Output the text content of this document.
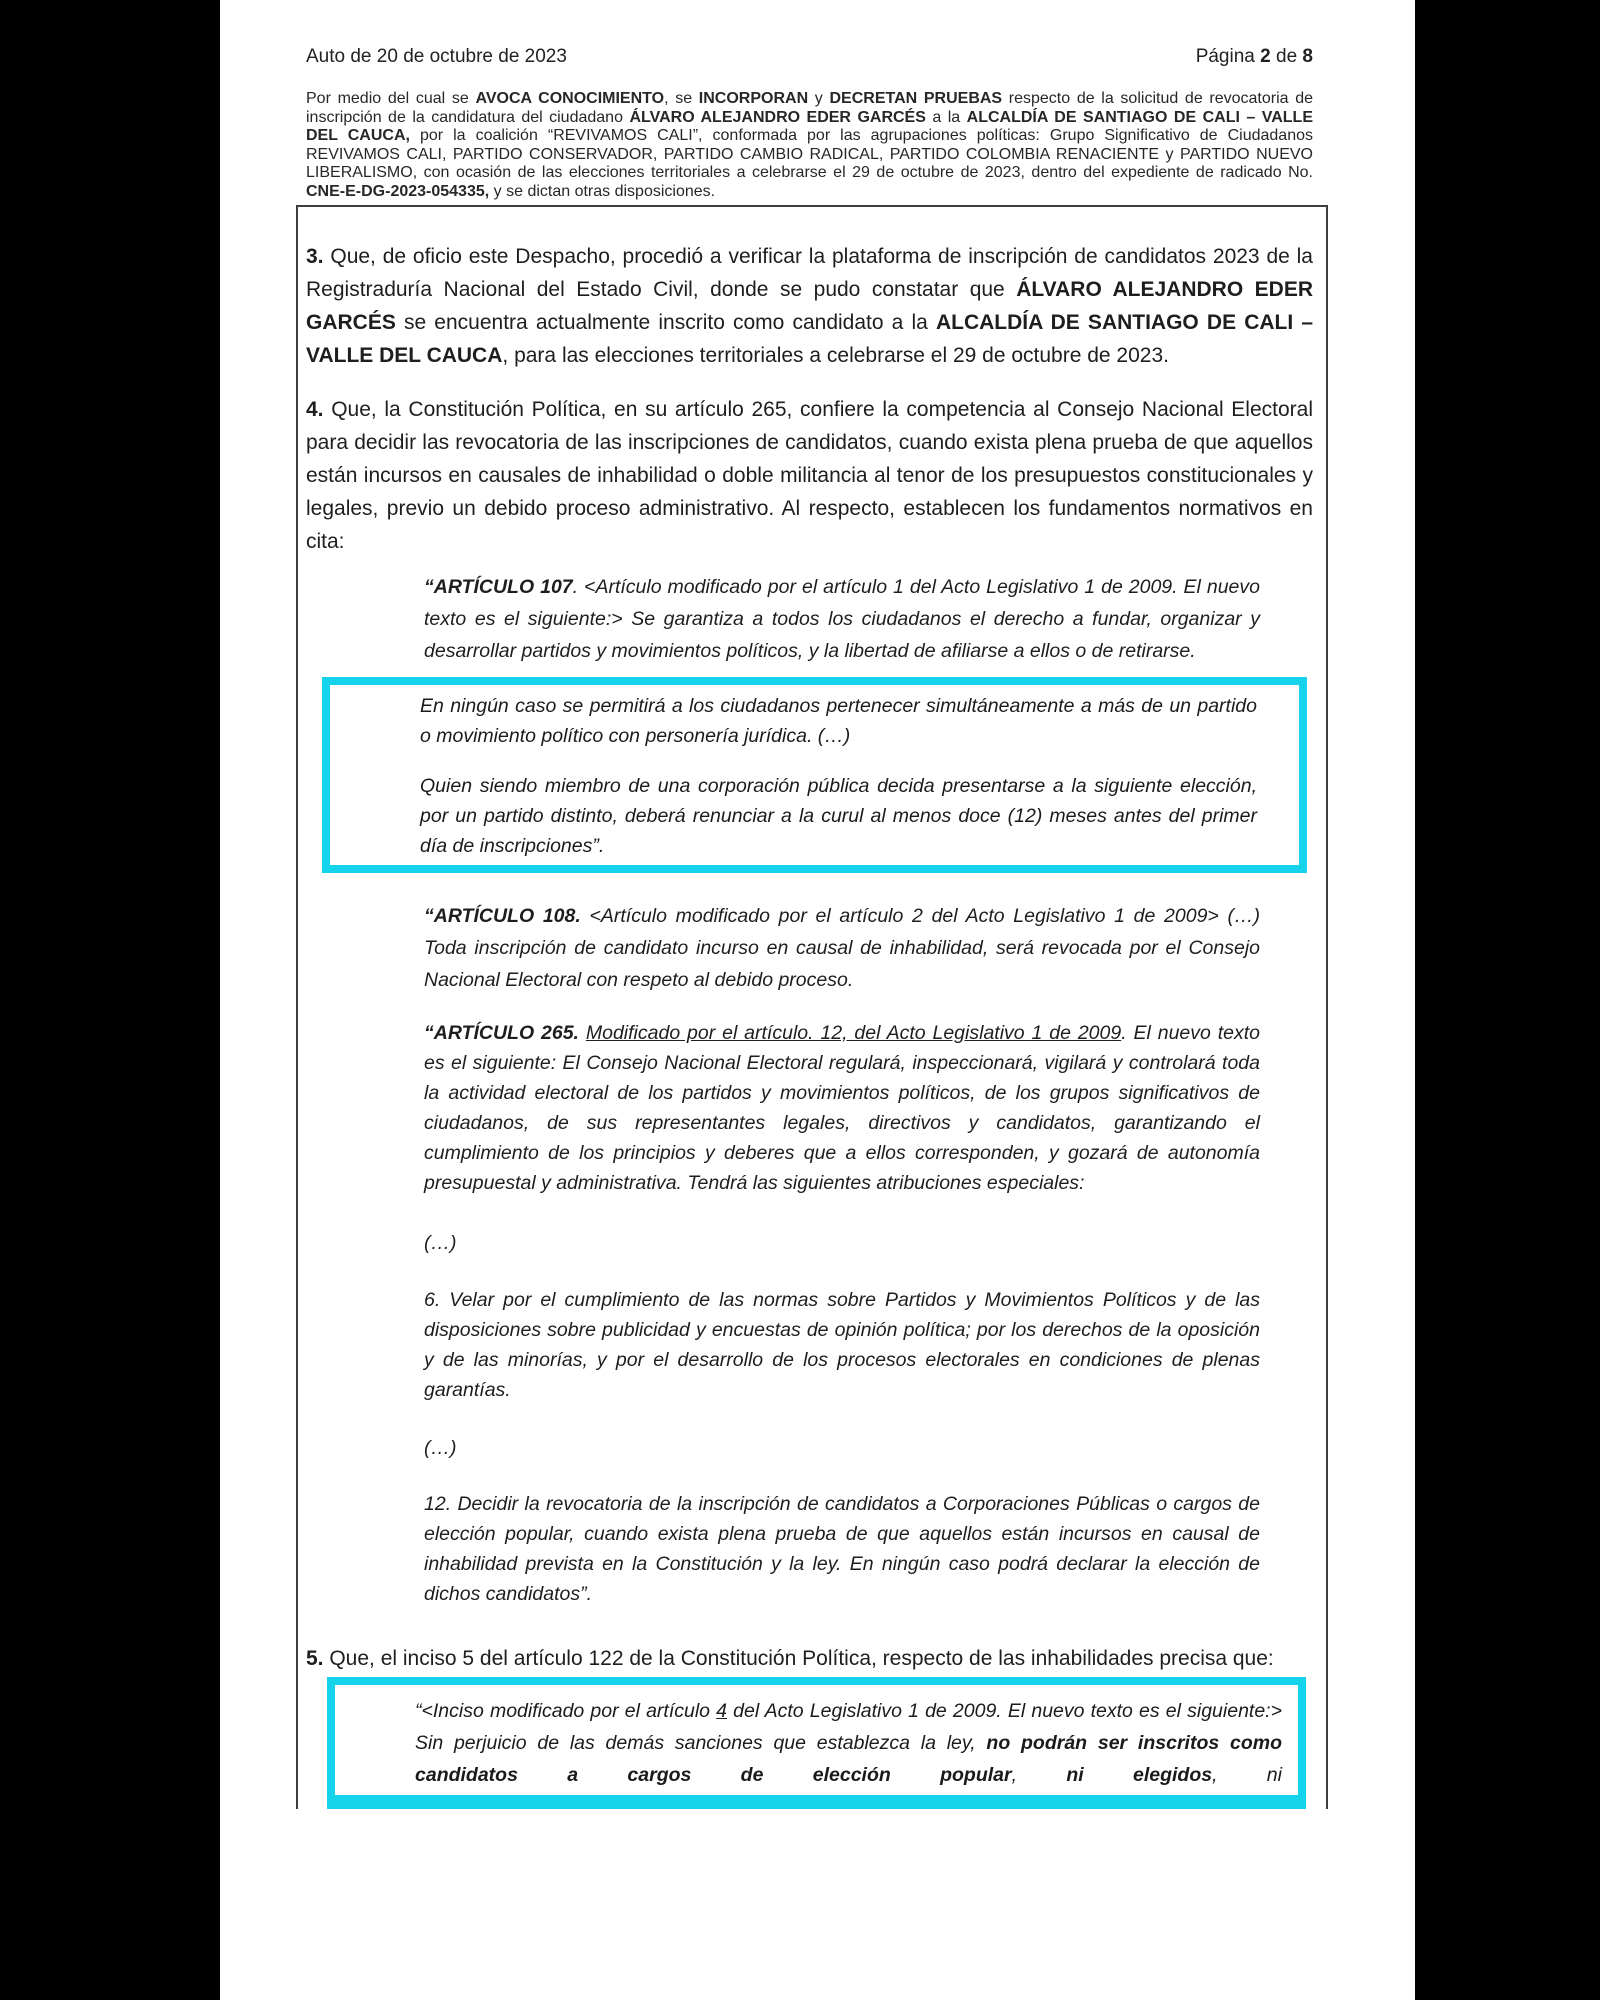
Auto de 20 de octubre de 2023	Página 2 de 8

Por medio del cual se AVOCA CONOCIMIENTO, se INCORPORAN y DECRETAN PRUEBAS respecto de la solicitud de revocatoria de inscripción de la candidatura del ciudadano ÁLVARO ALEJANDRO EDER GARCÉS a la ALCALDÍA DE SANTIAGO DE CALI – VALLE DEL CAUCA, por la coalición “REVIVAMOS CALI”, conformada por las agrupaciones políticas: Grupo Significativo de Ciudadanos REVIVAMOS CALI, PARTIDO CONSERVADOR, PARTIDO CAMBIO RADICAL, PARTIDO COLOMBIA RENACIENTE y PARTIDO NUEVO LIBERALISMO, con ocasión de las elecciones territoriales a celebrarse el 29 de octubre de 2023, dentro del expediente de radicado No. CNE-E-DG-2023-054335, y se dictan otras disposiciones.

3. Que, de oficio este Despacho, procedió a verificar la plataforma de inscripción de candidatos 2023 de la Registraduría Nacional del Estado Civil, donde se pudo constatar que ÁLVARO ALEJANDRO EDER GARCÉS se encuentra actualmente inscrito como candidato a la ALCALDÍA DE SANTIAGO DE CALI – VALLE DEL CAUCA, para las elecciones territoriales a celebrarse el 29 de octubre de 2023.

4. Que, la Constitución Política, en su artículo 265, confiere la competencia al Consejo Nacional Electoral para decidir las revocatoria de las inscripciones de candidatos, cuando exista plena prueba de que aquellos están incursos en causales de inhabilidad o doble militancia al tenor de los presupuestos constitucionales y legales, previo un debido proceso administrativo. Al respecto, establecen los fundamentos normativos en cita:

“ARTÍCULO 107. <Artículo modificado por el artículo 1 del Acto Legislativo 1 de 2009. El nuevo texto es el siguiente:> Se garantiza a todos los ciudadanos el derecho a fundar, organizar y desarrollar partidos y movimientos políticos, y la libertad de afiliarse a ellos o de retirarse.

En ningún caso se permitirá a los ciudadanos pertenecer simultáneamente a más de un partido o movimiento político con personería jurídica. (…)

Quien siendo miembro de una corporación pública decida presentarse a la siguiente elección, por un partido distinto, deberá renunciar a la curul al menos doce (12) meses antes del primer día de inscripciones”.

“ARTÍCULO 108. <Artículo modificado por el artículo 2 del Acto Legislativo 1 de 2009> (…) Toda inscripción de candidato incurso en causal de inhabilidad, será revocada por el Consejo Nacional Electoral con respeto al debido proceso.

“ARTÍCULO 265. Modificado por el artículo. 12, del Acto Legislativo 1 de 2009. El nuevo texto es el siguiente: El Consejo Nacional Electoral regulará, inspeccionará, vigilará y controlará toda la actividad electoral de los partidos y movimientos políticos, de los grupos significativos de ciudadanos, de sus representantes legales, directivos y candidatos, garantizando el cumplimiento de los principios y deberes que a ellos corresponden, y gozará de autonomía presupuestal y administrativa. Tendrá las siguientes atribuciones especiales:

(…)

6. Velar por el cumplimiento de las normas sobre Partidos y Movimientos Políticos y de las disposiciones sobre publicidad y encuestas de opinión política; por los derechos de la oposición y de las minorías, y por el desarrollo de los procesos electorales en condiciones de plenas garantías.

(…)

12. Decidir la revocatoria de la inscripción de candidatos a Corporaciones Públicas o cargos de elección popular, cuando exista plena prueba de que aquellos están incursos en causal de inhabilidad prevista en la Constitución y la ley. En ningún caso podrá declarar la elección de dichos candidatos”.

5. Que, el inciso 5 del artículo 122 de la Constitución Política, respecto de las inhabilidades precisa que:

“<Inciso modificado por el artículo 4 del Acto Legislativo 1 de 2009. El nuevo texto es el siguiente:> Sin perjuicio de las demás sanciones que establezca la ley, no podrán ser inscritos como candidatos a cargos de elección popular, ni elegidos, ni
